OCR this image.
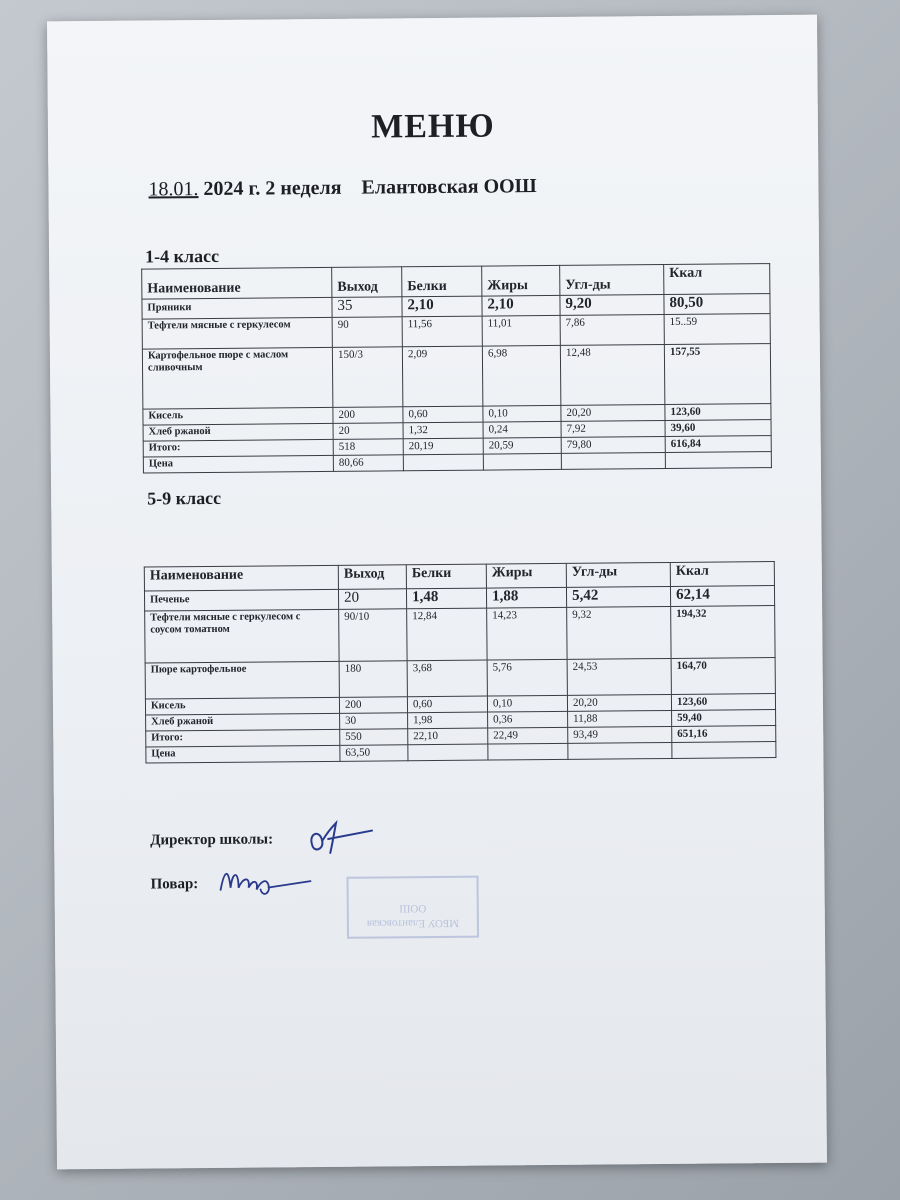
МЕНЮ
18.01. 2024 г. 2 неделя    Елантовская ООШ
1-4 класс
Наименование	Выход	Белки	Жиры	Угл-ды	Ккал
Пряники	35	2,10	2,10	9,20	80,50
Тефтели мясные с геркулесом	90	11,56	11,01	7,86	15..59
Картофельное пюре с маслом сливочным	150/3	2,09	6,98	12,48	157,55
Кисель	200	0,60	0,10	20,20	123,60
Хлеб ржаной	20	1,32	0,24	7,92	39,60
Итого:	518	20,19	20,59	79,80	616,84
Цена	80,66				
5-9 класс
Наименование	Выход	Белки	Жиры	Угл-ды	Ккал
Печенье	20	1,48	1,88	5,42	62,14
Тефтели мясные с геркулесом с соусом томатном	90/10	12,84	14,23	9,32	194,32
Пюре картофельное	180	3,68	5,76	24,53	164,70
Кисель	200	0,60	0,10	20,20	123,60
Хлеб ржаной	30	1,98	0,36	11,88	59,40
Итого:	550	22,10	22,49	93,49	651,16
Цена	63,50				
Директор школы:
Повар:
МБОУ Елантовская
ООШ
